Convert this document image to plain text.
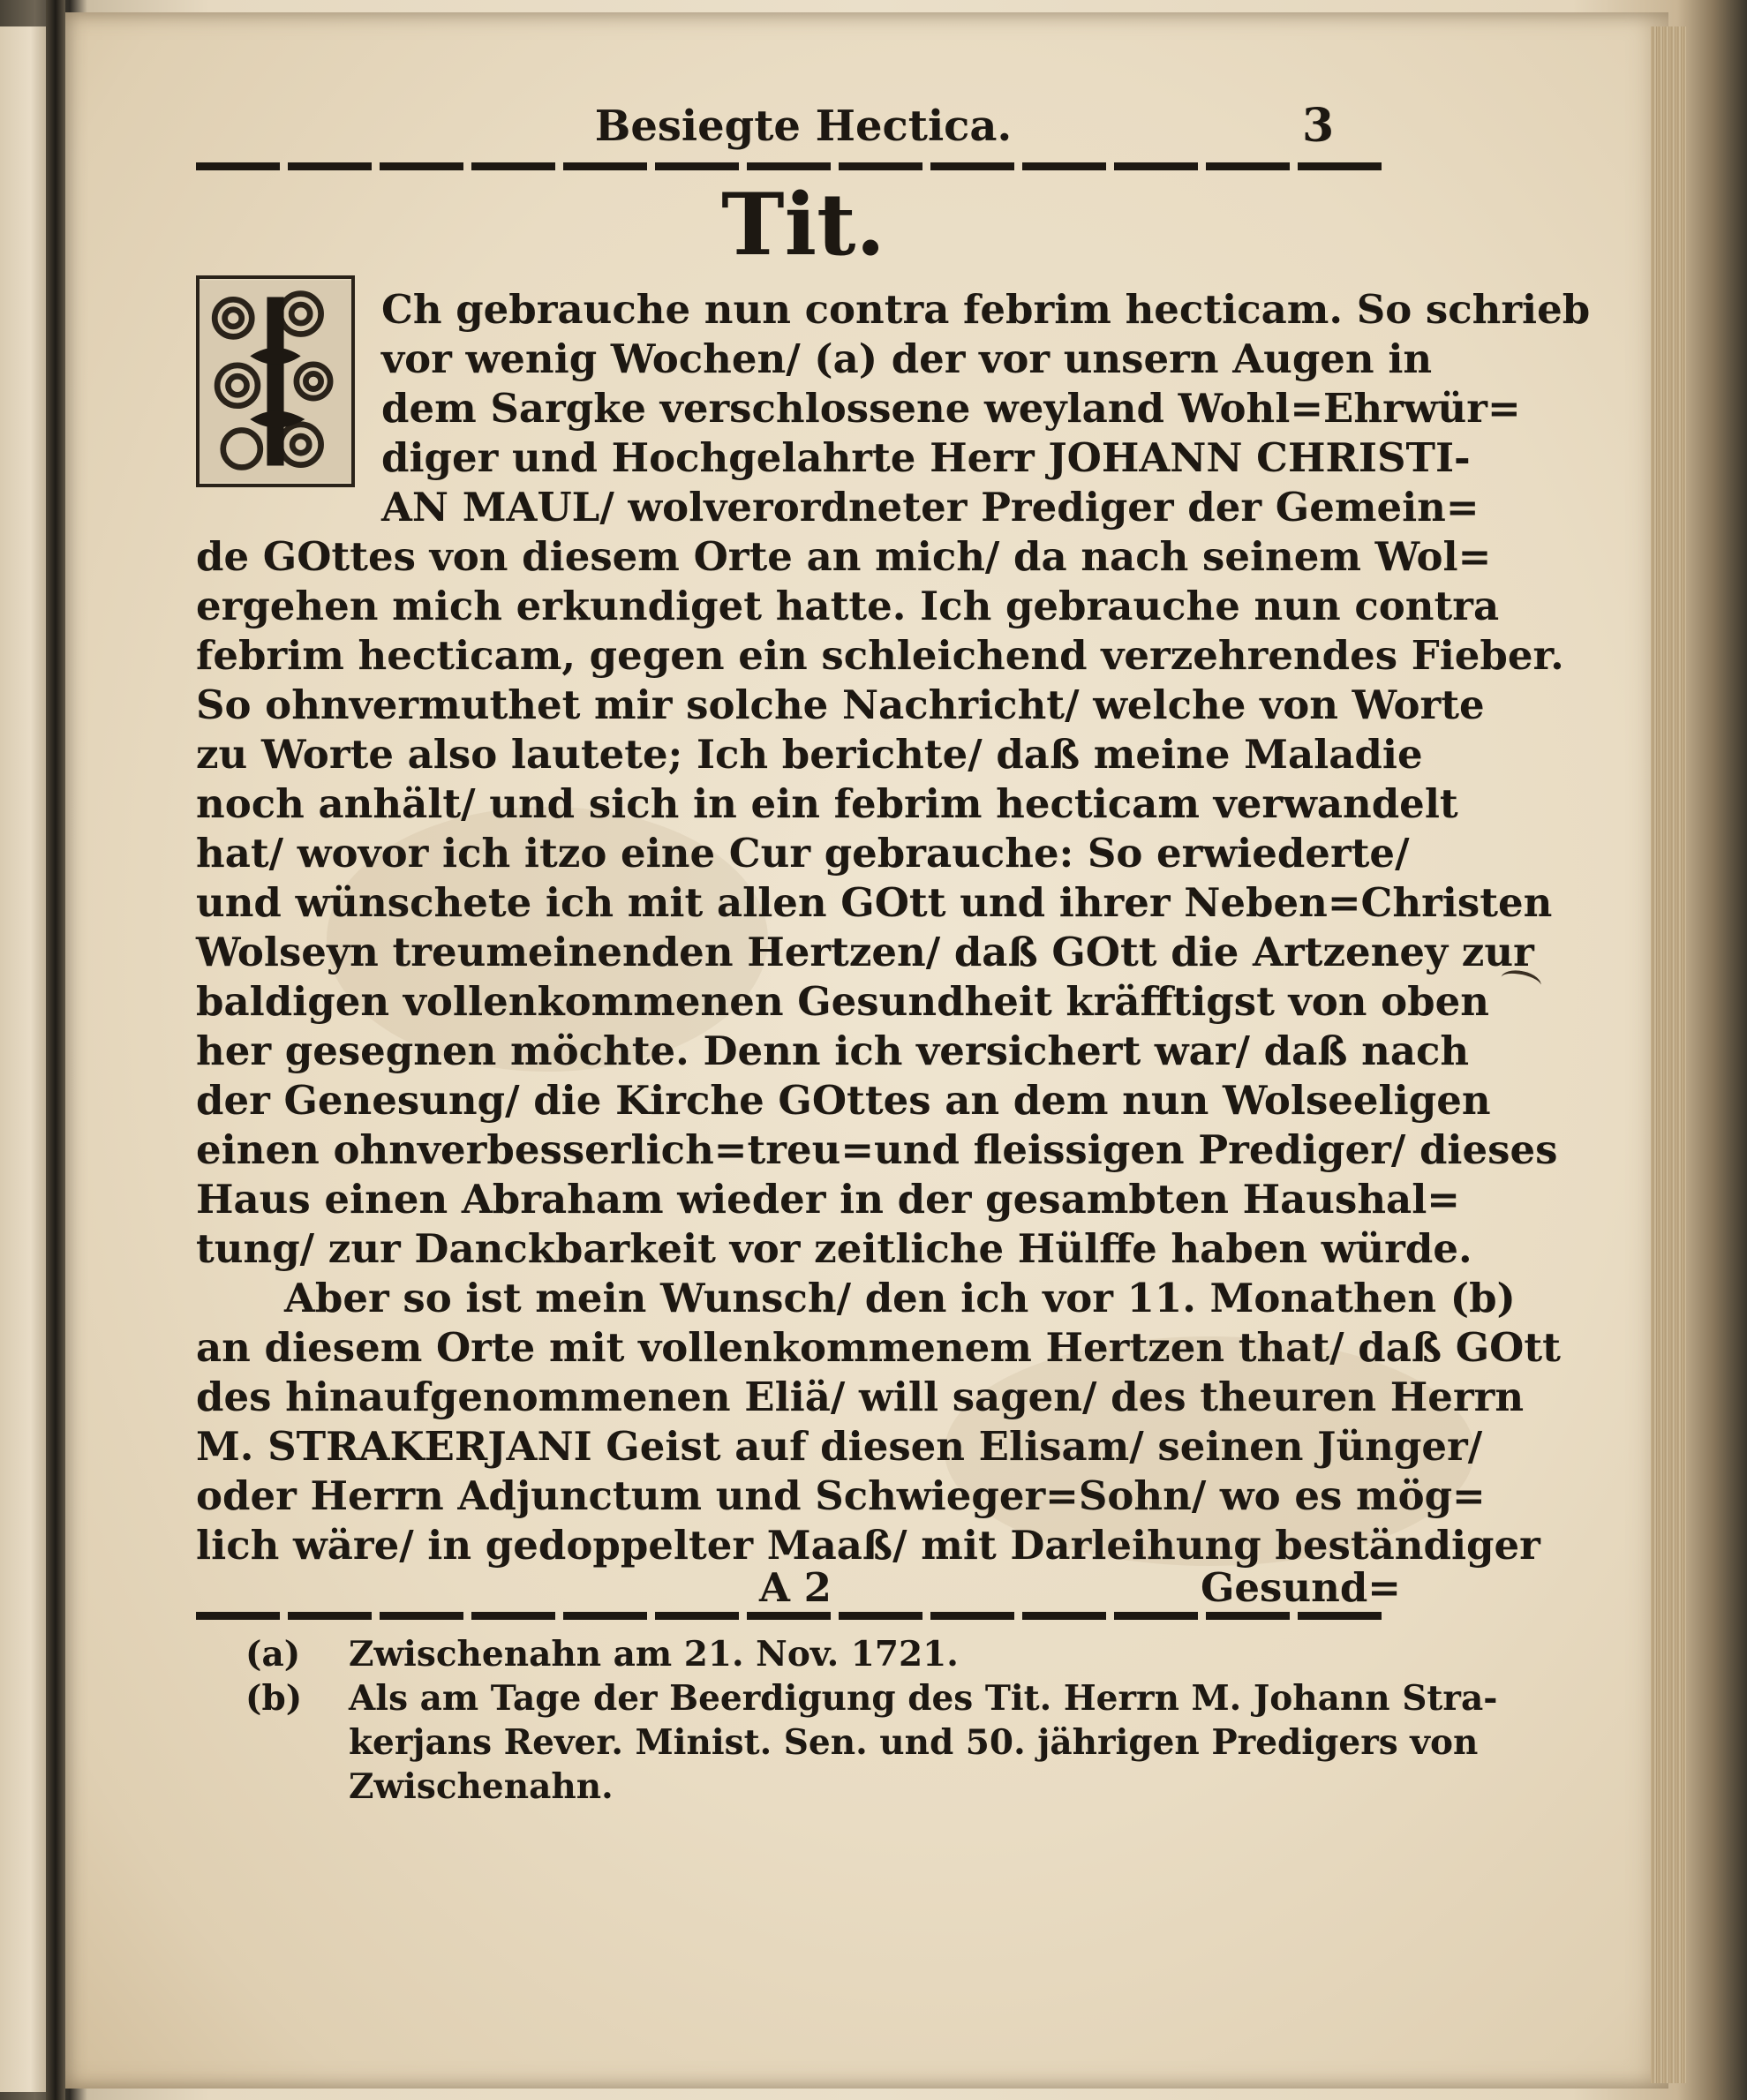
Besiegte Hectica.	3
Tit.
Ch gebrauche nun contra febrim hecticam. So schrieb
vor wenig Wochen/ (a) der vor unsern Augen in
dem Sargke verschlossene weyland Wohl=Ehrwür=
diger und Hochgelahrte Herr JOHANN CHRISTI-
AN MAUL/ wolverordneter Prediger der Gemein=
de GOttes von diesem Orte an mich/ da nach seinem Wol=
ergehen mich erkundiget hatte. Ich gebrauche nun contra
febrim hecticam, gegen ein schleichend verzehrendes Fieber.
So ohnvermuthet mir solche Nachricht/ welche von Worte
zu Worte also lautete; Ich berichte/ daß meine Maladie
noch anhält/ und sich in ein febrim hecticam verwandelt
hat/ wovor ich itzo eine Cur gebrauche: So erwiederte/
und wünschete ich mit allen GOtt und ihrer Neben=Christen
Wolseyn treumeinenden Hertzen/ daß GOtt die Artzeney zur
baldigen vollenkommenen Gesundheit kräfftigst von oben
her gesegnen möchte. Denn ich versichert war/ daß nach
der Genesung/ die Kirche GOttes an dem nun Wolseeligen
einen ohnverbesserlich=treu=und fleissigen Prediger/ dieses
Haus einen Abraham wieder in der gesambten Haushal=
tung/ zur Danckbarkeit vor zeitliche Hülffe haben würde.
Aber so ist mein Wunsch/ den ich vor 11. Monathen (b)
an diesem Orte mit vollenkommenem Hertzen that/ daß GOtt
des hinaufgenommenen Eliä/ will sagen/ des theuren Herrn
M. STRAKERJANI Geist auf diesen Elisam/ seinen Jünger/
oder Herrn Adjunctum und Schwieger=Sohn/ wo es mög=
lich wäre/ in gedoppelter Maaß/ mit Darleihung beständiger
A 2	Gesund=
(a)	Zwischenahn am 21. Nov. 1721.
(b)	Als am Tage der Beerdigung des Tit. Herrn M. Johann Stra-
kerjans Rever. Minist. Sen. und 50. jährigen Predigers von
Zwischenahn.
